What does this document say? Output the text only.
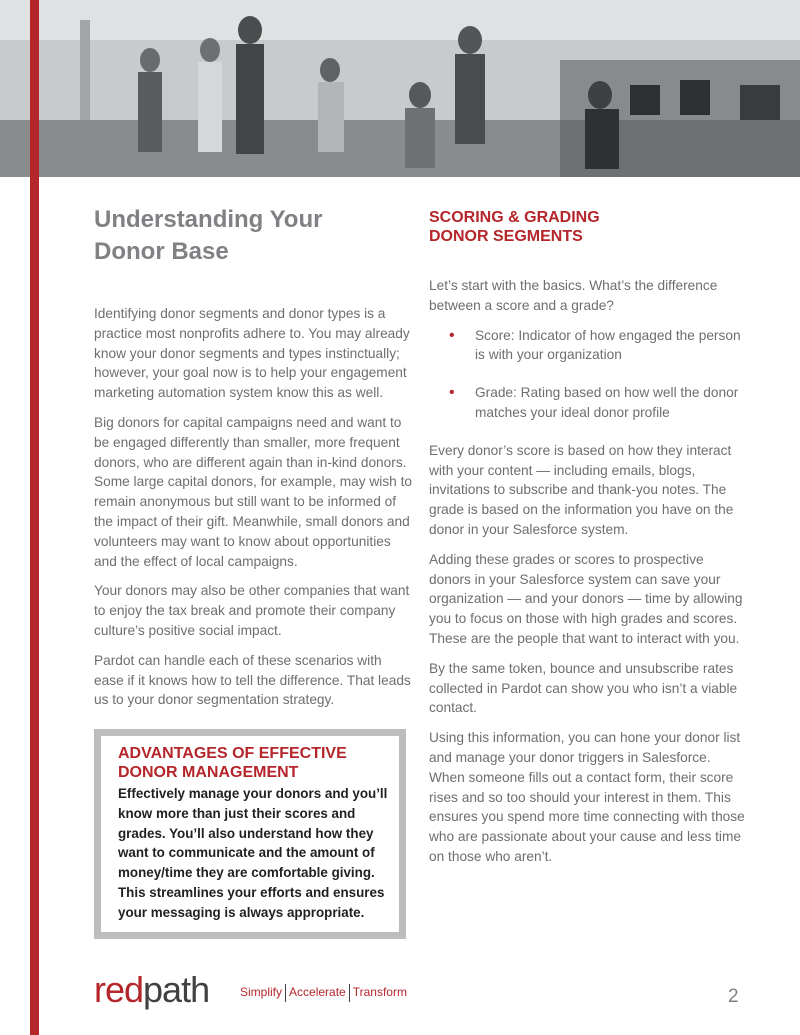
Understanding Your
Donor Base

Identifying donor segments and donor types is a practice most nonprofits adhere to. You may already know your donor segments and types instinctually; however, your goal now is to help your engagement marketing automation system know this as well.

Big donors for capital campaigns need and want to be engaged differently than smaller, more frequent donors, who are different again than in-kind donors. Some large capital donors, for example, may wish to remain anonymous but still want to be informed of the impact of their gift. Meanwhile, small donors and volunteers may want to know about opportunities and the effect of local campaigns.

Your donors may also be other companies that want to enjoy the tax break and promote their company culture’s positive social impact.

Pardot can handle each of these scenarios with ease if it knows how to tell the difference. That leads us to your donor segmentation strategy.

ADVANTAGES OF EFFECTIVE
DONOR MANAGEMENT

Effectively manage your donors and you’ll know more than just their scores and grades. You’ll also understand how they want to communicate and the amount of money/time they are comfortable giving. This streamlines your efforts and ensures your messaging is always appropriate.

SCORING & GRADING
DONOR SEGMENTS

Let’s start with the basics. What’s the difference between a score and a grade?

• Score: Indicator of how engaged the person is with your organization
• Grade: Rating based on how well the donor matches your ideal donor profile

Every donor’s score is based on how they interact with your content — including emails, blogs, invitations to subscribe and thank-you notes. The grade is based on the information you have on the donor in your Salesforce system.

Adding these grades or scores to prospective donors in your Salesforce system can save your organization — and your donors — time by allowing you to focus on those with high grades and scores. These are the people that want to interact with you.

By the same token, bounce and unsubscribe rates collected in Pardot can show you who isn’t a viable contact.

Using this information, you can hone your donor list and manage your donor triggers in Salesforce. When someone fills out a contact form, their score rises and so too should your interest in them. This ensures you spend more time connecting with those who are passionate about your cause and less time on those who aren’t.

redpath	Simplify Accelerate Transform	2
